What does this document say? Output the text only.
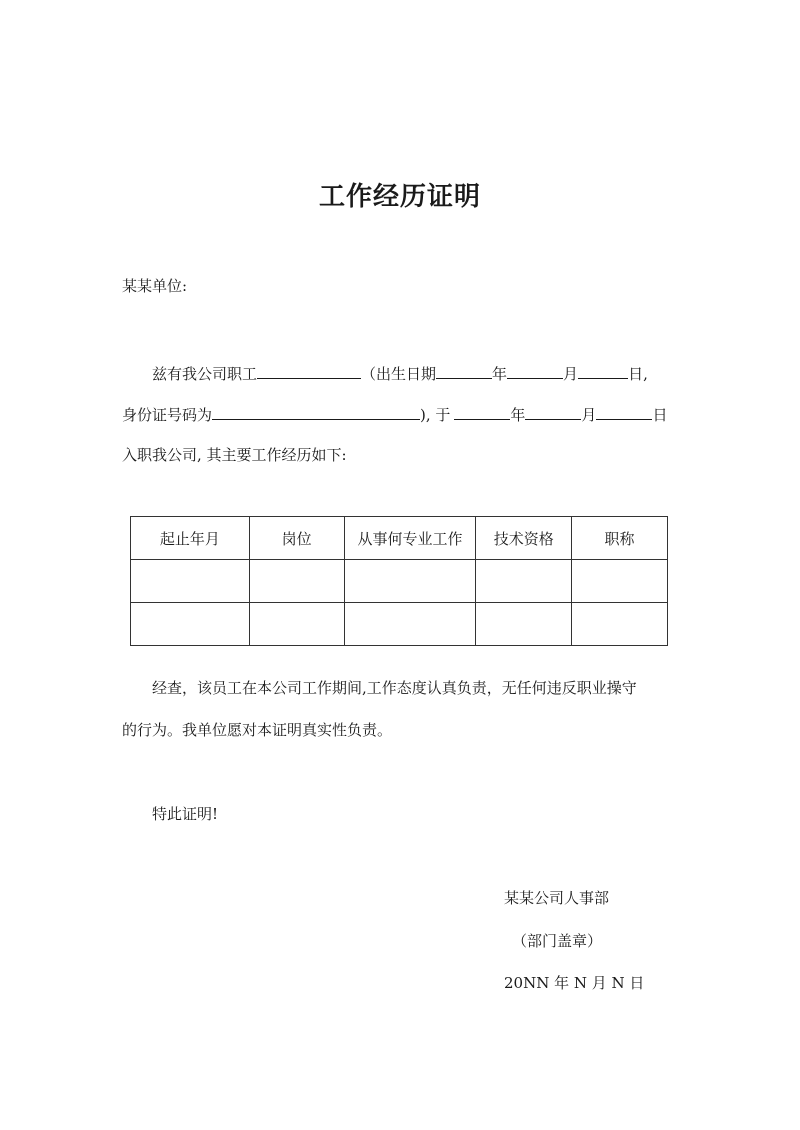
工作经历证明
某某单位:
兹有我公司职工	（出生日期	年	月	日,
身份证号码为	), 于	年	月	日
入职我公司, 其主要工作经历如下:
起止年月	岗位	从事何专业工作	技术资格	职称

经查，该员工在本公司工作期间,工作态度认真负责，无任何违反职业操守
的行为。我单位愿对本证明真实性负责。
特此证明!
某某公司人事部
（部门盖章）
20NN 年 N 月 N 日
